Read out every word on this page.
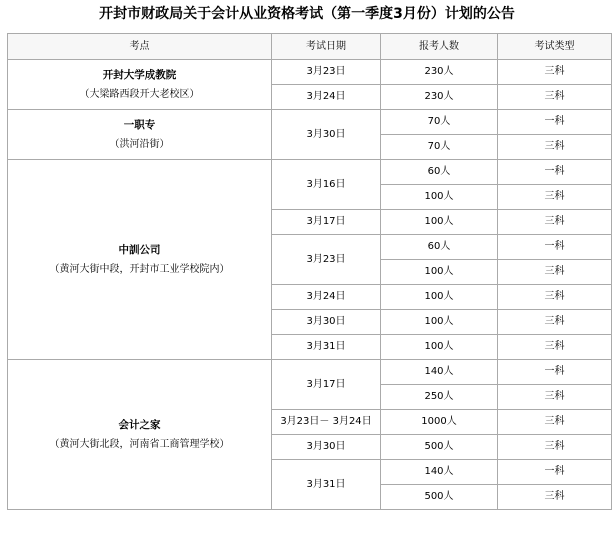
开封市财政局关于会计从业资格考试（第一季度3月份）计划的公告
考点	考试日期	报考人数	考试类型

开封大学成教院
（大梁路西段开大老校区）	3月23日	230人	三科
	3月24日	230人	三科

一职专
（洪河沿街）	3月30日	70人	一科
		70人	三科

中訓公司
（黄河大街中段，开封市工业学校院内）	3月16日	60人	一科
		100人	三科
	3月17日	100人	三科
	3月23日	60人	一科
		100人	三科
	3月24日	100人	三科
	3月30日	100人	三科
	3月31日	100人	三科

会计之家
（黄河大街北段，河南省工商管理学校）	3月17日	140人	一科
		250人	三科
	3月23日－ 3月24日	1000人	三科
	3月30日	500人	三科
	3月31日	140人	一科
		500人	三科
